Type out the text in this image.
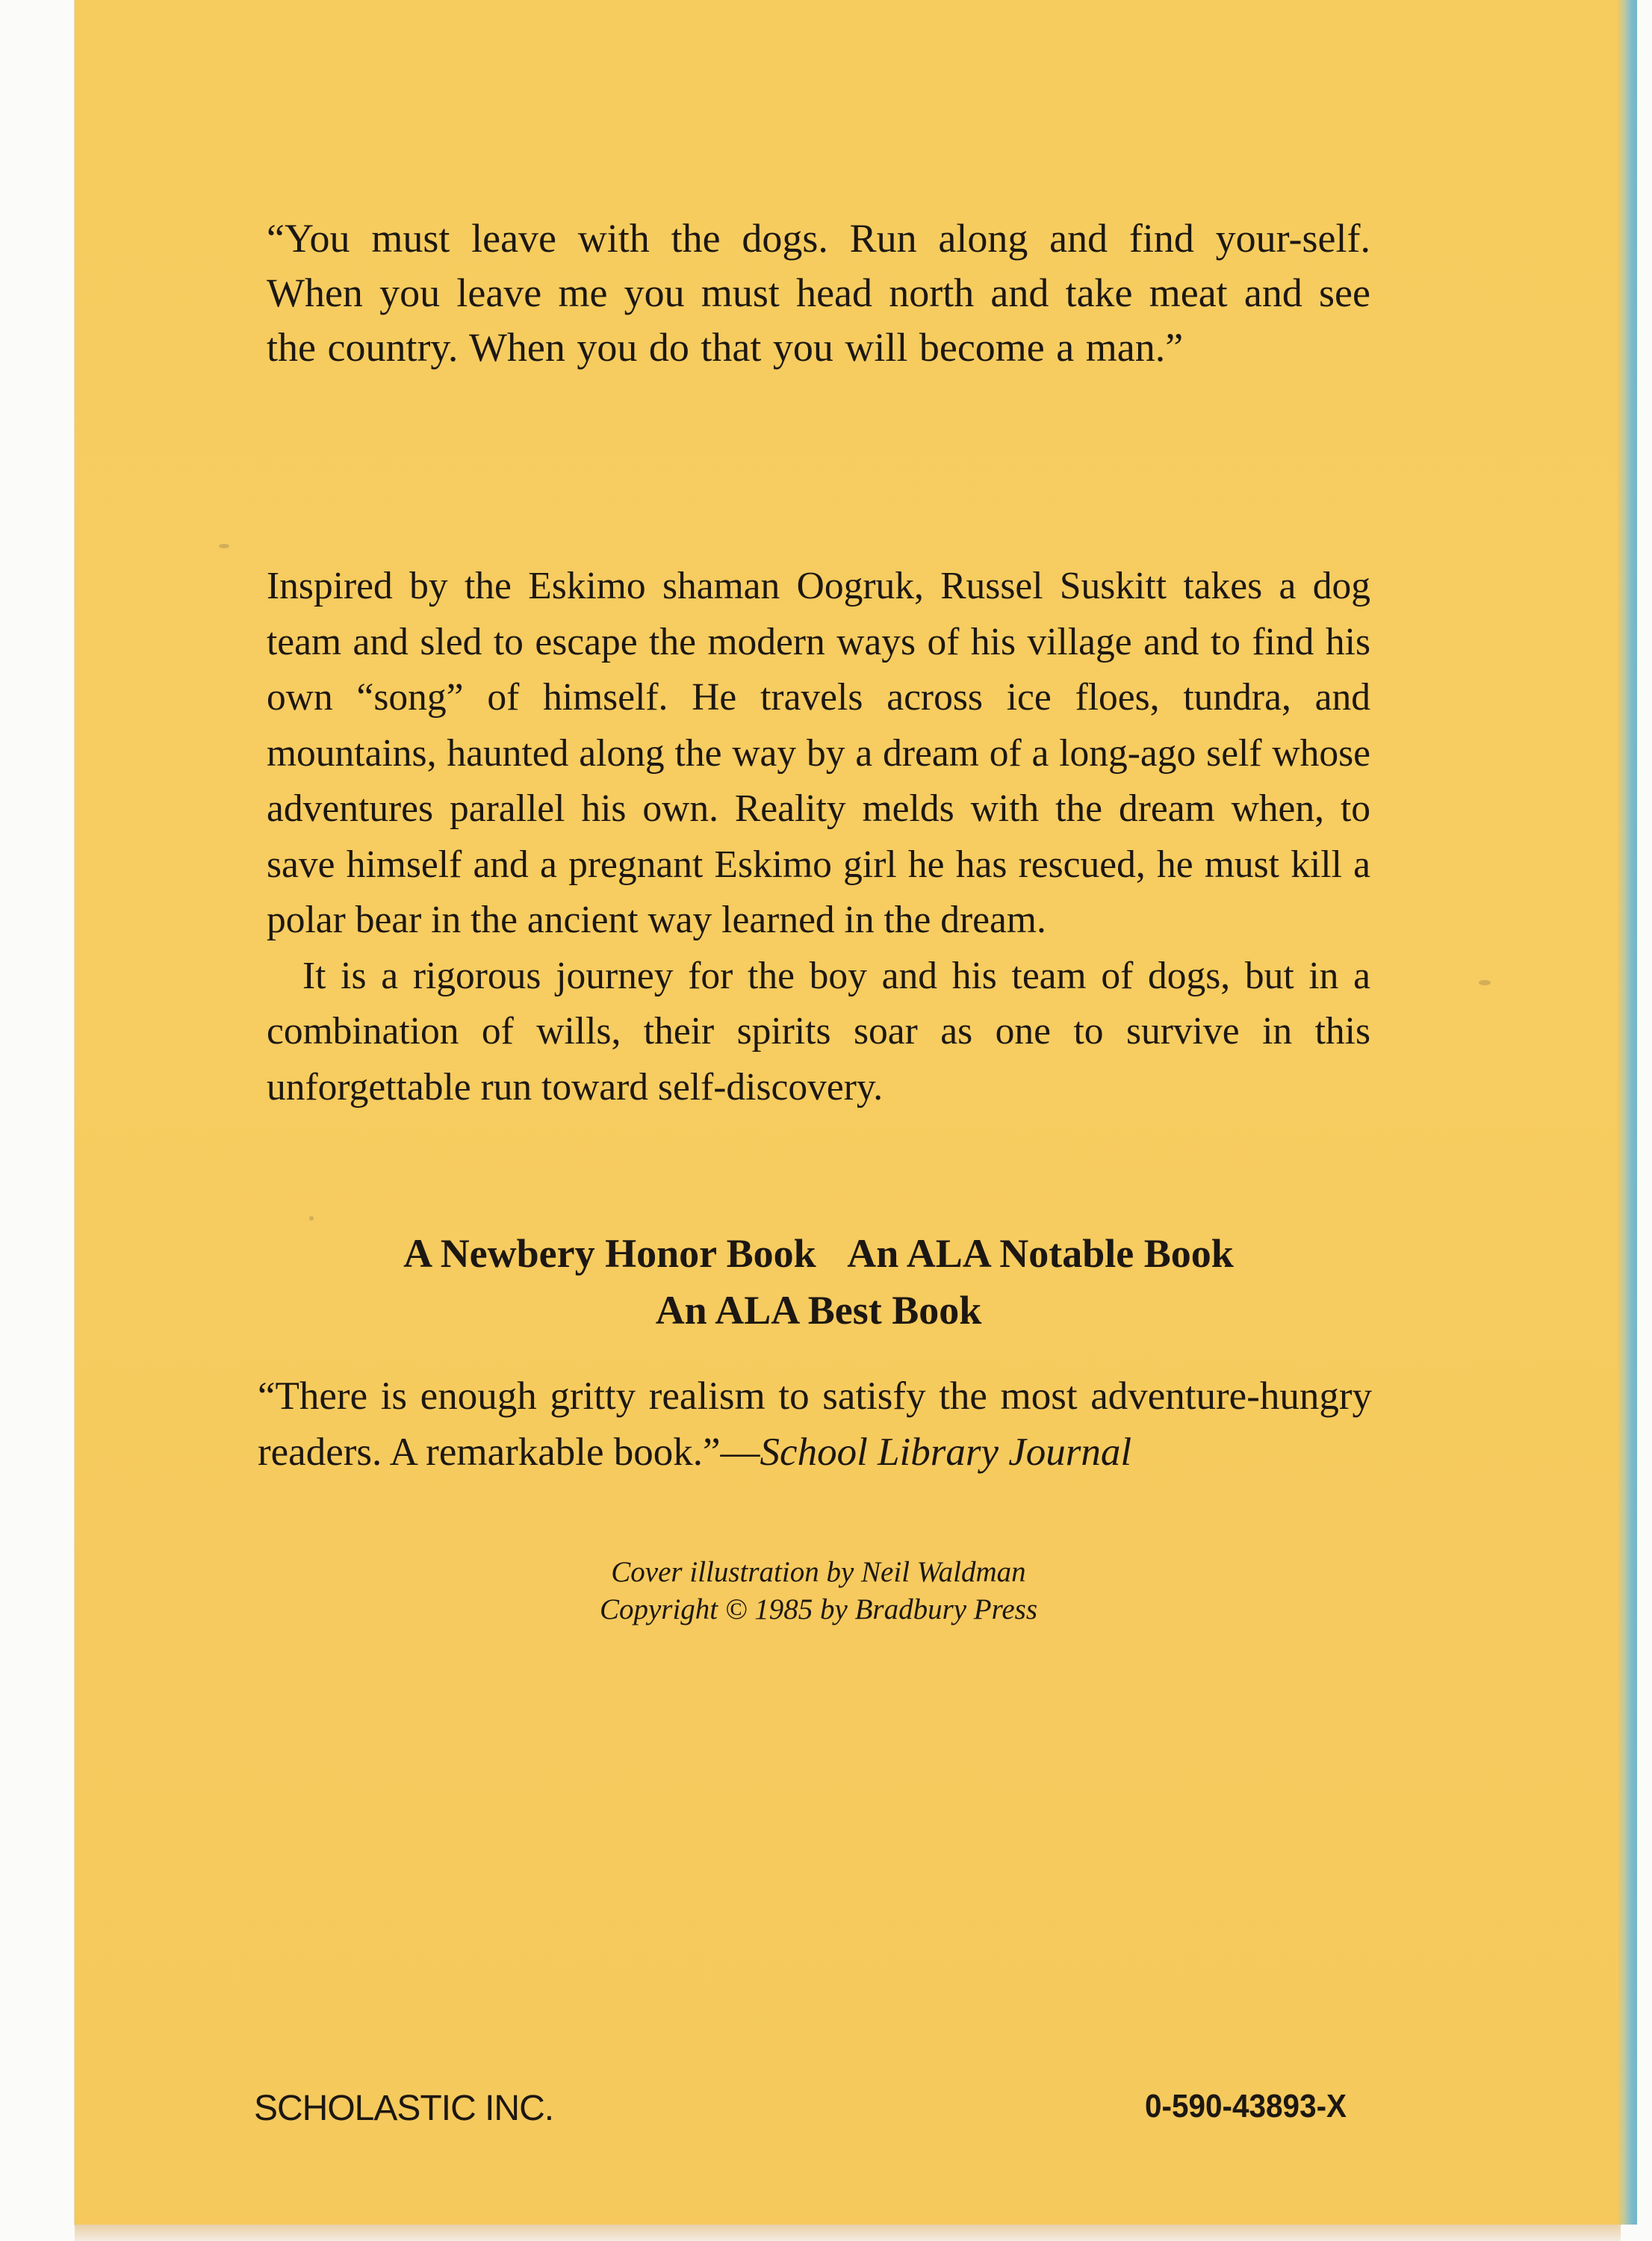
“You must leave with the dogs. Run along and find your-self. When you leave me you must head north and take meat and see the country. When you do that you will become a man.”

Inspired by the Eskimo shaman Oogruk, Russel Suskitt takes a dog team and sled to escape the modern ways of his village and to find his own “song” of himself. He travels across ice floes, tundra, and mountains, haunted along the way by a dream of a long-ago self whose adventures parallel his own. Reality melds with the dream when, to save himself and a pregnant Eskimo girl he has rescued, he must kill a polar bear in the ancient way learned in the dream.

It is a rigorous journey for the boy and his team of dogs, but in a combination of wills, their spirits soar as one to survive in this unforgettable run toward self-discovery.

A Newbery Honor Book An ALA Notable Book
An ALA Best Book

“There is enough gritty realism to satisfy the most adventure-hungry readers. A remarkable book.”—School Library Journal

Cover illustration by Neil Waldman
Copyright © 1985 by Bradbury Press
SCHOLASTIC INC.	0-590-43893-X
